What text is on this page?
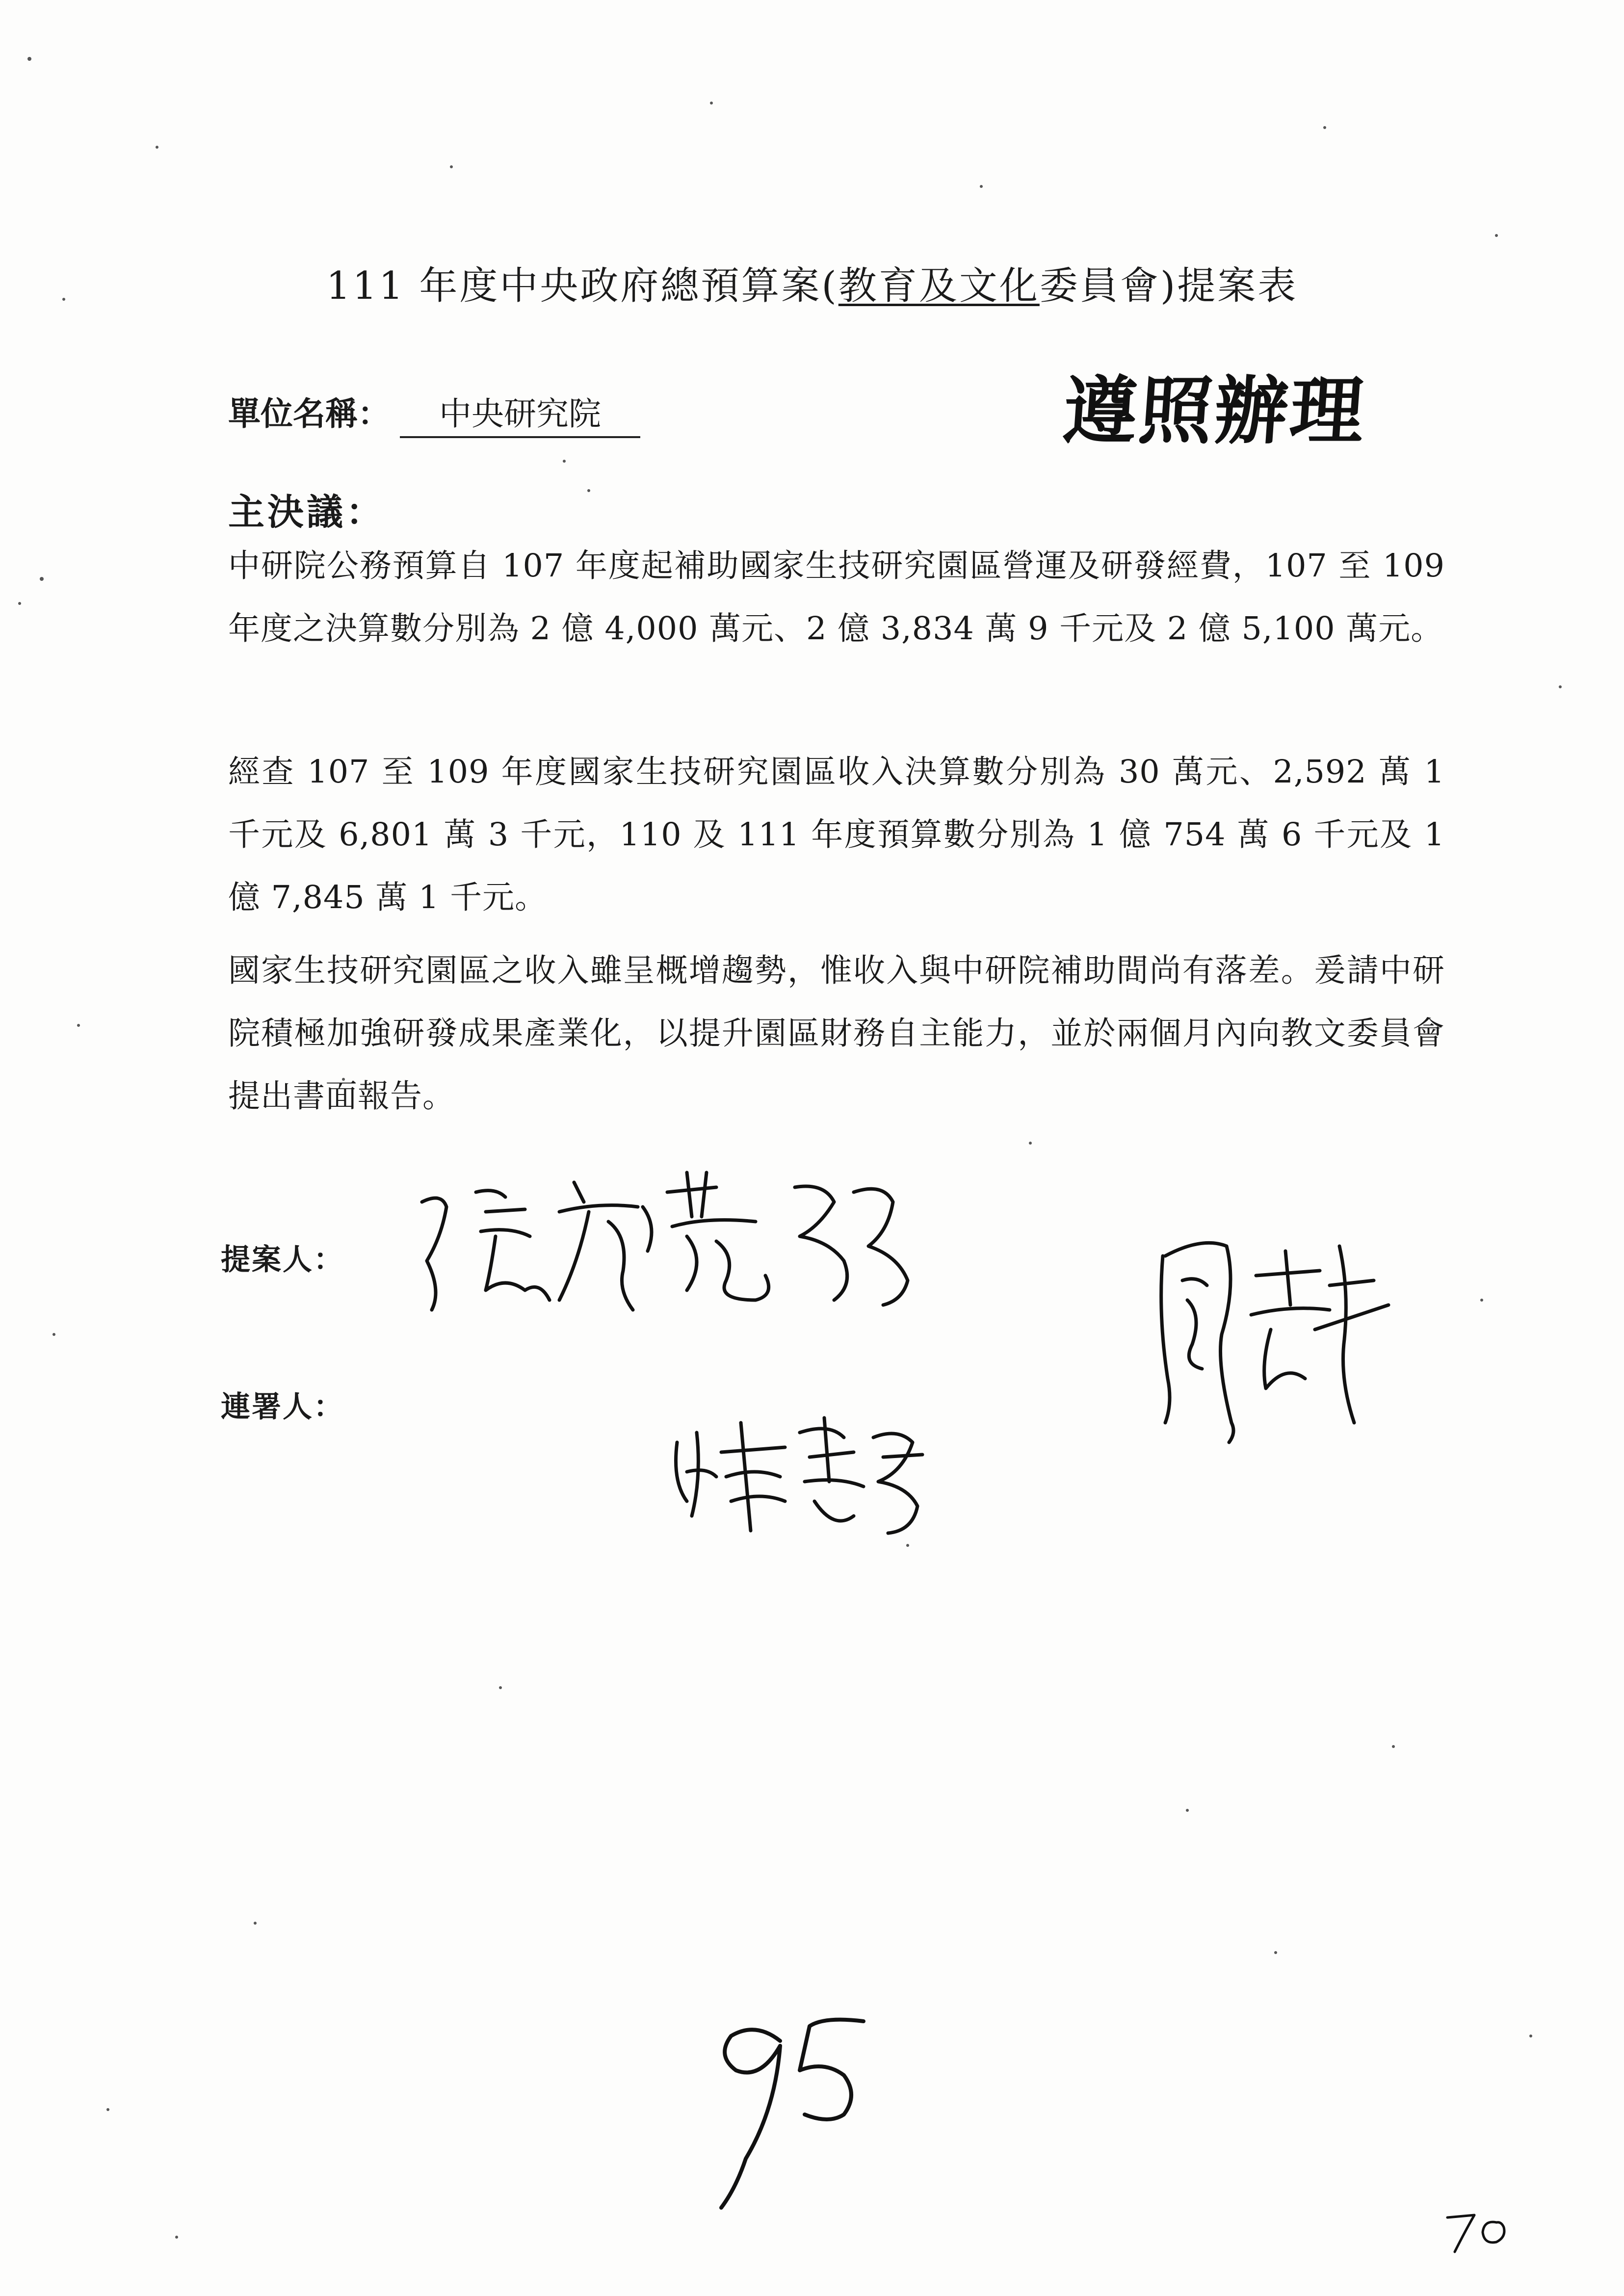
111 年度中央政府總預算案(教育及文化委員會)提案表
單位名稱： 中央研究院	遵照辦理
主決議：
中研院公務預算自 107 年度起補助國家生技研究園區營運及研發經費，107 至 109 年度之決算數分別為 2 億 4,000 萬元、2 億 3,834 萬 9 千元及 2 億 5,100 萬元。
經查 107 至 109 年度國家生技研究園區收入決算數分別為 30 萬元、2,592 萬 1 千元及 6,801 萬 3 千元，110 及 111 年度預算數分別為 1 億 754 萬 6 千元及 1 億 7,845 萬 1 千元。
國家生技研究園區之收入雖呈概增趨勢，惟收入與中研院補助間尚有落差。爰請中研院積極加強研發成果產業化，以提升園區財務自主能力，並於兩個月內向教文委員會提出書面報告。
提案人：
連署人：
